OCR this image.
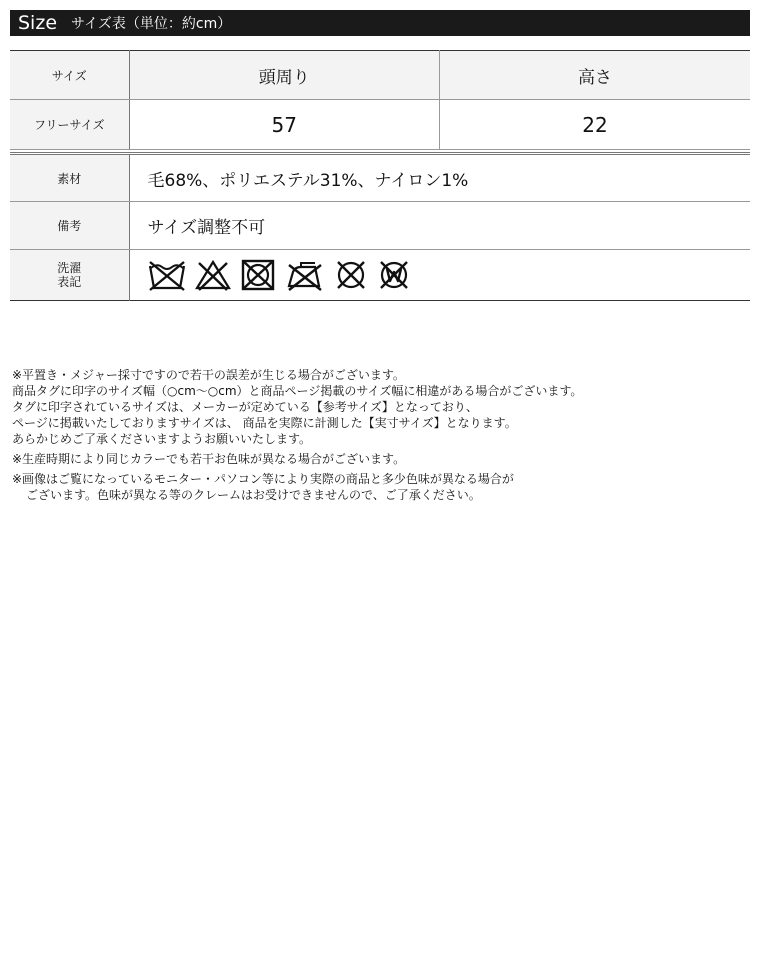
Size サイズ表（単位：約cm）
サイズ	頭周り	高さ
フリーサイズ	57	22
素材	毛68%、ポリエステル31%、ナイロン1%
備考	サイズ調整不可

洗濯
表記

※平置き・メジャー採寸ですので若干の誤差が生じる場合がございます。
商品タグに印字のサイズ幅（○cm〜○cm）と商品ページ掲載のサイズ幅に相違がある場合がございます。
タグに印字されているサイズは、メーカーが定めている【参考サイズ】となっており、
ページに掲載いたしておりますサイズは、 商品を実際に計測した【実寸サイズ】となります。
あらかじめご了承くださいますようお願いいたします。
※生産時期により同じカラーでも若干お色味が異なる場合がございます。
※画像はご覧になっているモニター・パソコン等により実際の商品と多少色味が異なる場合が
ございます。色味が異なる等のクレームはお受けできませんので、ご了承ください。
